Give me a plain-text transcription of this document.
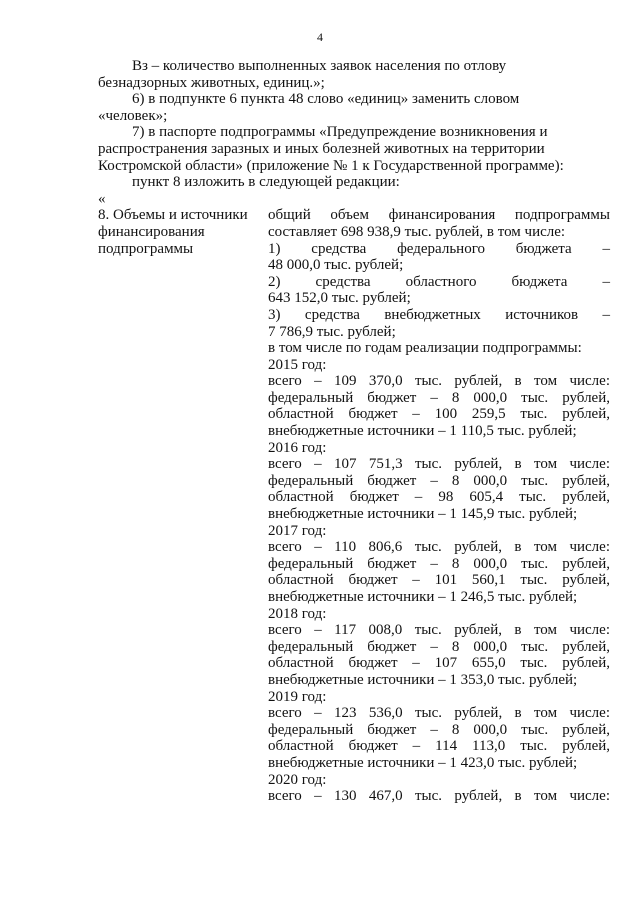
4

Вз – количество выполненных заявок населения по отлову

безнадзорных животных, единиц.»;

6) в подпункте 6 пункта 48 слово «единиц» заменить словом

«человек»;

7) в паспорте подпрограммы «Предупреждение возникновения и

распространения заразных и иных болезней животных на территории

Костромской области» (приложение № 1 к Государственной программе):

пункт 8 изложить в следующей редакции:

«

8. Объемы и источники
финансирования
подпрограммы

общий объем финансирования подпрограммы

составляет 698 938,9 тыс. рублей, в том числе:

1) средства федерального бюджета –

48 000,0 тыс. рублей;

2) средства областного бюджета –

643 152,0 тыс. рублей;

3) средства внебюджетных источников –

7 786,9 тыс. рублей;

в том числе по годам реализации подпрограммы:

2015 год:

всего – 109 370,0 тыс. рублей, в том числе:

федеральный бюджет – 8 000,0 тыс. рублей,

областной бюджет – 100 259,5 тыс. рублей,

внебюджетные источники – 1 110,5 тыс. рублей;

2016 год:

всего – 107 751,3 тыс. рублей, в том числе:

федеральный бюджет – 8 000,0 тыс. рублей,

областной бюджет – 98 605,4 тыс. рублей,

внебюджетные источники – 1 145,9 тыс. рублей;

2017 год:

всего – 110 806,6 тыс. рублей, в том числе:

федеральный бюджет – 8 000,0 тыс. рублей,

областной бюджет – 101 560,1 тыс. рублей,

внебюджетные источники – 1 246,5 тыс. рублей;

2018 год:

всего – 117 008,0 тыс. рублей, в том числе:

федеральный бюджет – 8 000,0 тыс. рублей,

областной бюджет – 107 655,0 тыс. рублей,

внебюджетные источники – 1 353,0 тыс. рублей;

2019 год:

всего – 123 536,0 тыс. рублей, в том числе:

федеральный бюджет – 8 000,0 тыс. рублей,

областной бюджет – 114 113,0 тыс. рублей,

внебюджетные источники – 1 423,0 тыс. рублей;

2020 год:

всего – 130 467,0 тыс. рублей, в том числе:
